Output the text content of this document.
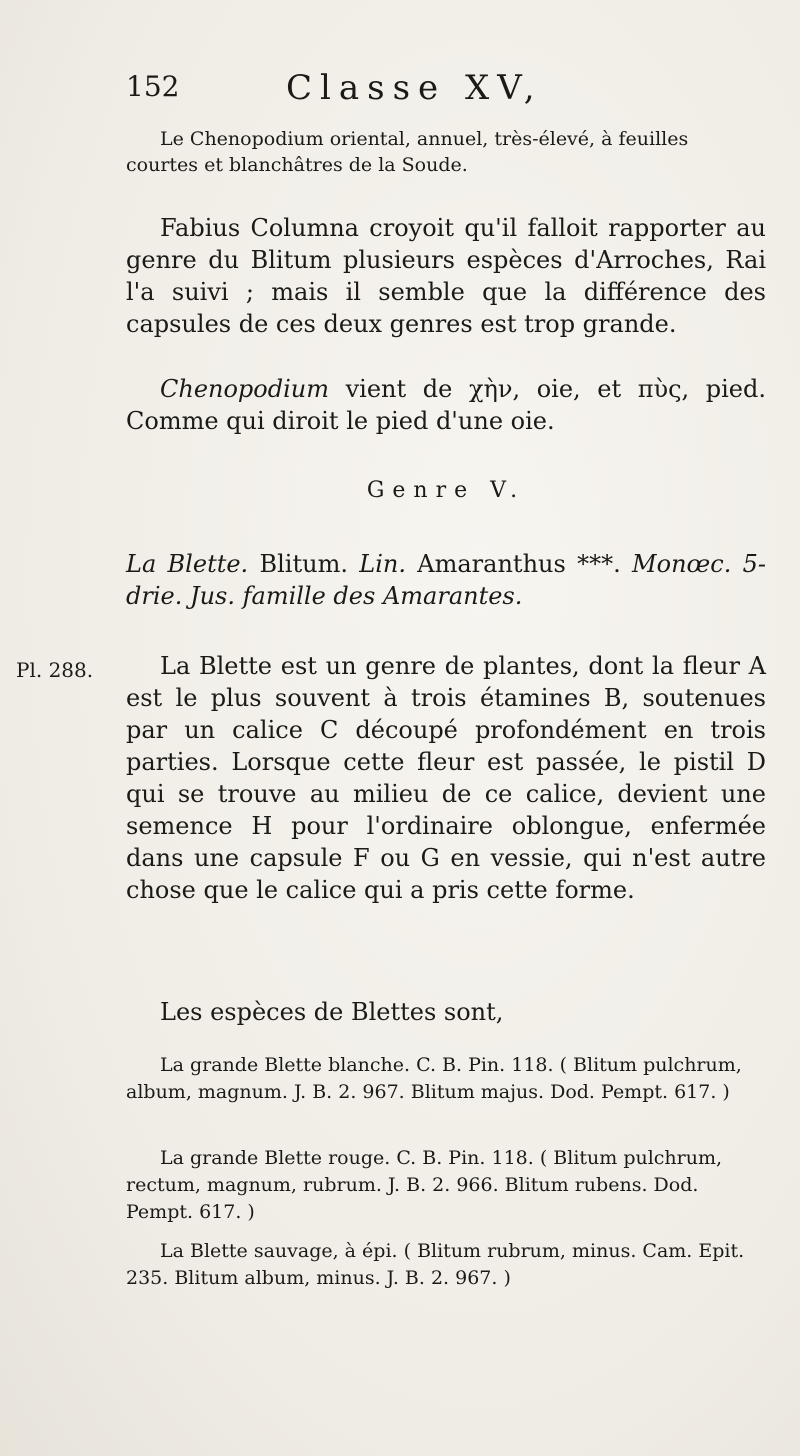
152	Classe XV,
Le Chenopodium oriental, annuel, très-élevé, à feuilles courtes et blanchâtres de la Soude.
Fabius Columna croyoit qu'il falloit rapporter au genre du Blitum plusieurs espèces d'Arroches, Rai l'a suivi ; mais il semble que la différence des capsules de ces deux genres est trop grande.
Chenopodium vient de χὴν, oie, et πὺς, pied. Comme qui diroit le pied d'une oie.
Genre V.
La Blette. Blitum. Lin. Amaranthus ***. Monœc. 5-drie. Jus. famille des Amarantes.
Pl. 288.	La Blette est un genre de plantes, dont la fleur A est le plus souvent à trois étamines B, soutenues par un calice C découpé profondément en trois parties. Lorsque cette fleur est passée, le pistil D qui se trouve au milieu de ce calice, devient une semence H pour l'ordinaire oblongue, enfermée dans une capsule F ou G en vessie, qui n'est autre chose que le calice qui a pris cette forme.
Les espèces de Blettes sont,
La grande Blette blanche. C. B. Pin. 118. ( Blitum pulchrum, album, magnum. J. B. 2. 967. Blitum majus. Dod. Pempt. 617. )
La grande Blette rouge. C. B. Pin. 118. ( Blitum pulchrum, rectum, magnum, rubrum. J. B. 2. 966. Blitum rubens. Dod. Pempt. 617. )
La Blette sauvage, à épi. ( Blitum rubrum, minus. Cam. Epit. 235. Blitum album, minus. J. B. 2. 967. )
